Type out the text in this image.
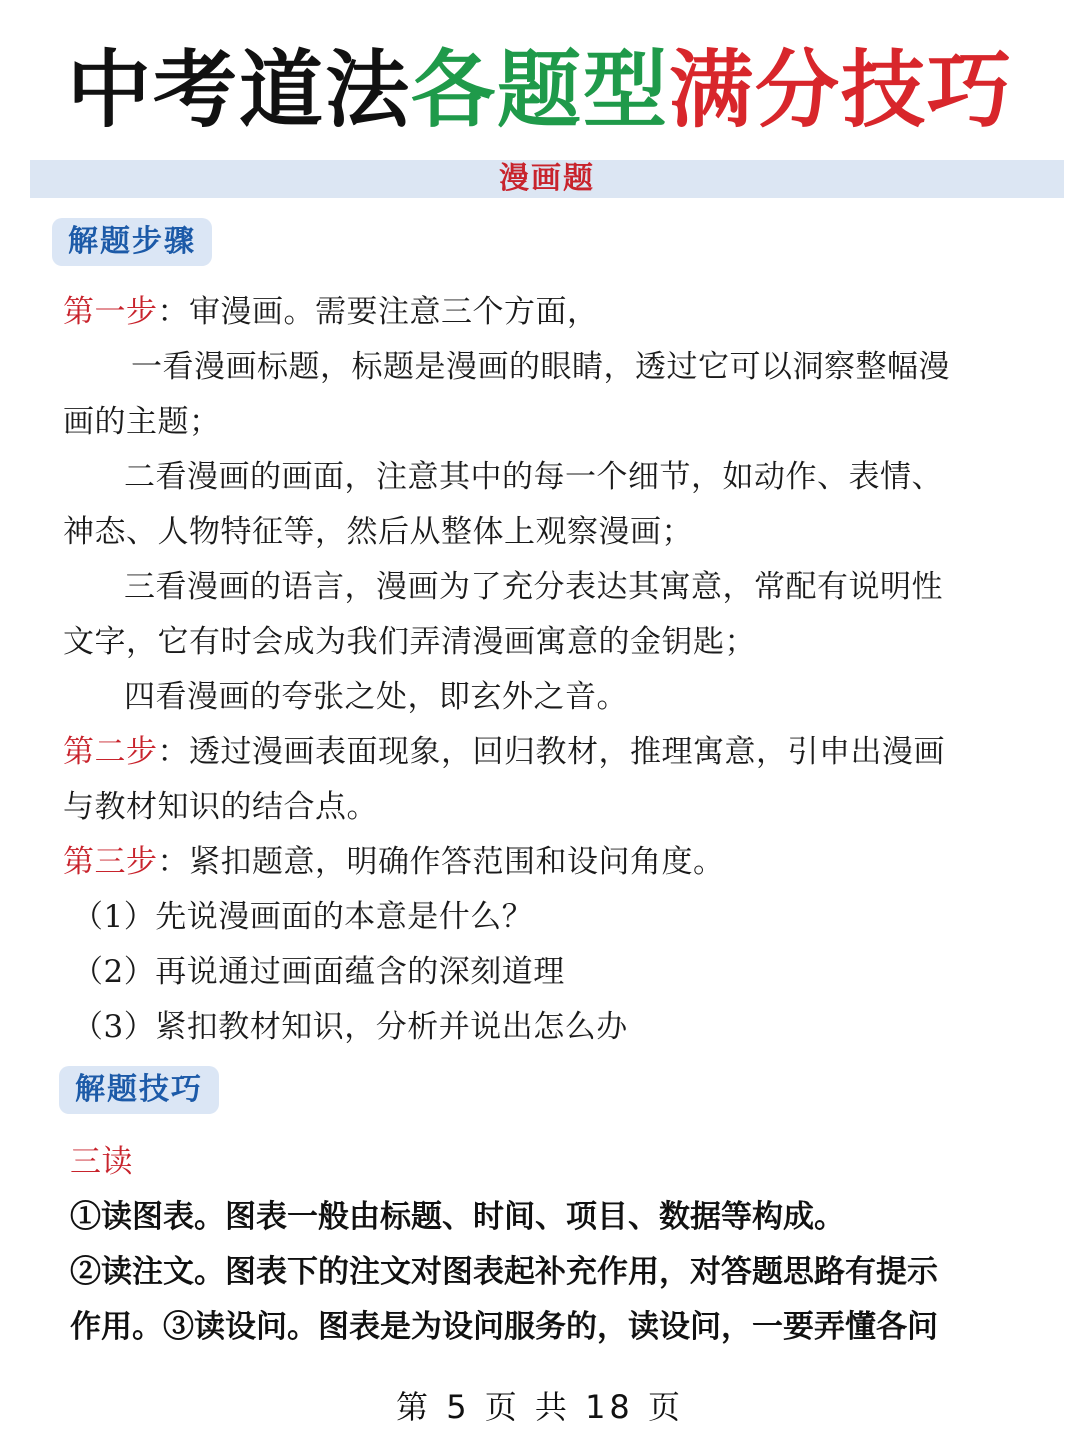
中考道法各题型满分技巧
漫画题
解题步骤
第一步：审漫画。需要注意三个方面，
一看漫画标题，标题是漫画的眼睛，透过它可以洞察整幅漫
画的主题；
二看漫画的画面，注意其中的每一个细节，如动作、表情、
神态、人物特征等，然后从整体上观察漫画；
三看漫画的语言，漫画为了充分表达其寓意，常配有说明性
文字，它有时会成为我们弄清漫画寓意的金钥匙；
四看漫画的夸张之处，即玄外之音。
第二步：透过漫画表面现象，回归教材，推理寓意，引申出漫画
与教材知识的结合点。
第三步：紧扣题意，明确作答范围和设问角度。
（1）先说漫画面的本意是什么？
（2）再说通过画面蕴含的深刻道理
（3）紧扣教材知识，分析并说出怎么办
解题技巧
三读
①读图表。图表一般由标题、时间、项目、数据等构成。
②读注文。图表下的注文对图表起补充作用，对答题思路有提示
作用。③读设问。图表是为设问服务的，读设问，一要弄懂各问
第 5 页 共 18 页
